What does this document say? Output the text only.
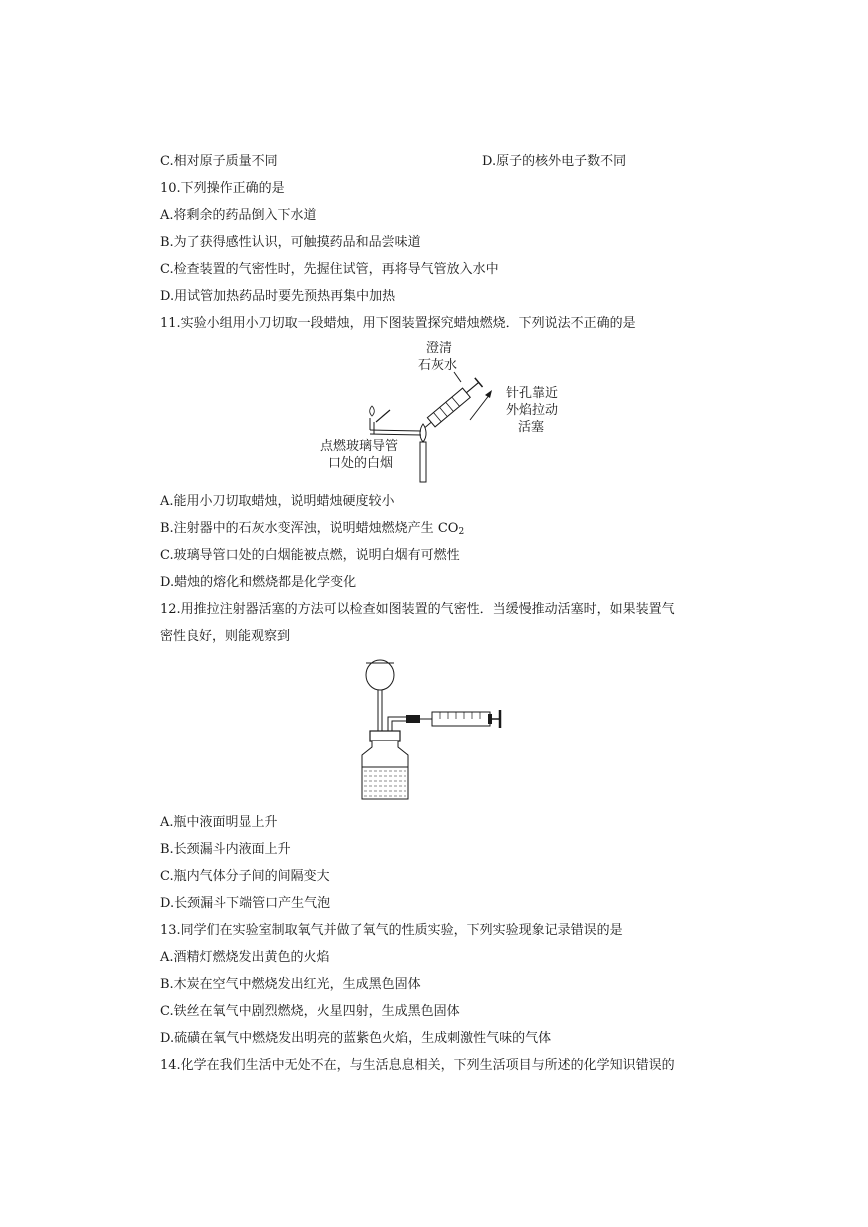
C.相对原子质量不同	D.原子的核外电子数不同
10.下列操作正确的是
A.将剩余的药品倒入下水道
B.为了获得感性认识，可触摸药品和品尝味道
C.检查装置的气密性时，先握住试管，再将导气管放入水中
D.用试管加热药品时要先预热再集中加热
11.实验小组用小刀切取一段蜡烛，用下图装置探究蜡烛燃烧．下列说法不正确的是
澄清
石灰水
针孔靠近
外焰拉动
活塞
点燃玻璃导管
口处的白烟
A.能用小刀切取蜡烛，说明蜡烛硬度较小
B.注射器中的石灰水变浑浊，说明蜡烛燃烧产生 $CO_2$
C.玻璃导管口处的白烟能被点燃，说明白烟有可燃性
D.蜡烛的熔化和燃烧都是化学变化
12.用推拉注射器活塞的方法可以检查如图装置的气密性．当缓慢推动活塞时，如果装置气
密性良好，则能观察到
A.瓶中液面明显上升
B.长颈漏斗内液面上升
C.瓶内气体分子间的间隔变大
D.长颈漏斗下端管口产生气泡
13.同学们在实验室制取氧气并做了氧气的性质实验，下列实验现象记录错误的是
A.酒精灯燃烧发出黄色的火焰
B.木炭在空气中燃烧发出红光，生成黑色固体
C.铁丝在氧气中剧烈燃烧，火星四射，生成黑色固体
D.硫磺在氧气中燃烧发出明亮的蓝紫色火焰，生成刺激性气味的气体
14.化学在我们生活中无处不在，与生活息息相关，下列生活项目与所述的化学知识错误的
